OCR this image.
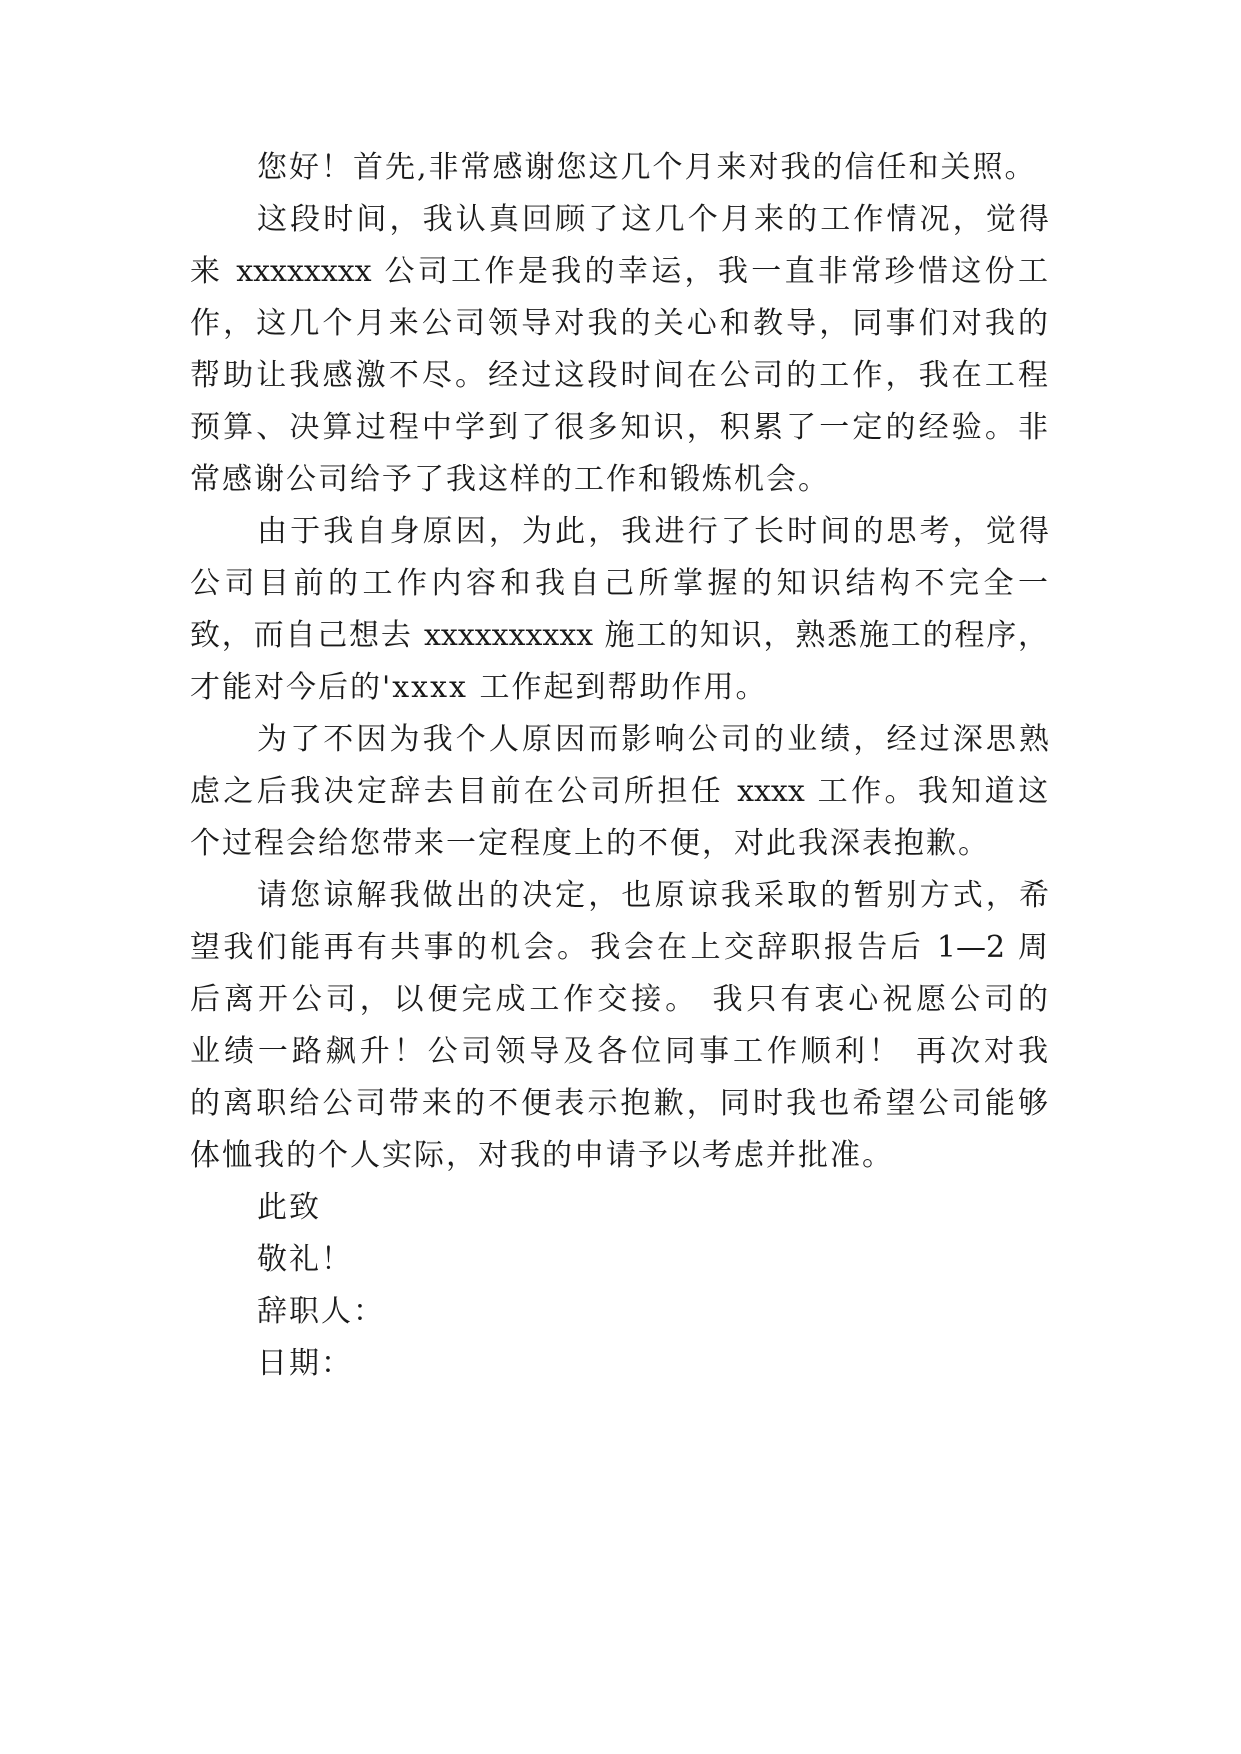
您好！首先,非常感谢您这几个月来对我的信任和关照。

这段时间，我认真回顾了这几个月来的工作情况，觉得

来 xxxxxxxx 公司工作是我的幸运，我一直非常珍惜这份工

作，这几个月来公司领导对我的关心和教导，同事们对我的

帮助让我感激不尽。经过这段时间在公司的工作，我在工程

预算、决算过程中学到了很多知识，积累了一定的经验。非

常感谢公司给予了我这样的工作和锻炼机会。

由于我自身原因，为此，我进行了长时间的思考，觉得

公司目前的工作内容和我自己所掌握的知识结构不完全一

致，而自己想去 xxxxxxxxxx 施工的知识，熟悉施工的程序，

才能对今后的'xxxx 工作起到帮助作用。

为了不因为我个人原因而影响公司的业绩，经过深思熟

虑之后我决定辞去目前在公司所担任 xxxx 工作。我知道这

个过程会给您带来一定程度上的不便，对此我深表抱歉。

请您谅解我做出的决定，也原谅我采取的暂别方式，希

望我们能再有共事的机会。我会在上交辞职报告后 1—2 周

后离开公司，以便完成工作交接。 我只有衷心祝愿公司的

业绩一路飙升！公司领导及各位同事工作顺利！ 再次对我

的离职给公司带来的不便表示抱歉，同时我也希望公司能够

体恤我的个人实际，对我的申请予以考虑并批准。

此致

敬礼！

辞职人：

日期：
